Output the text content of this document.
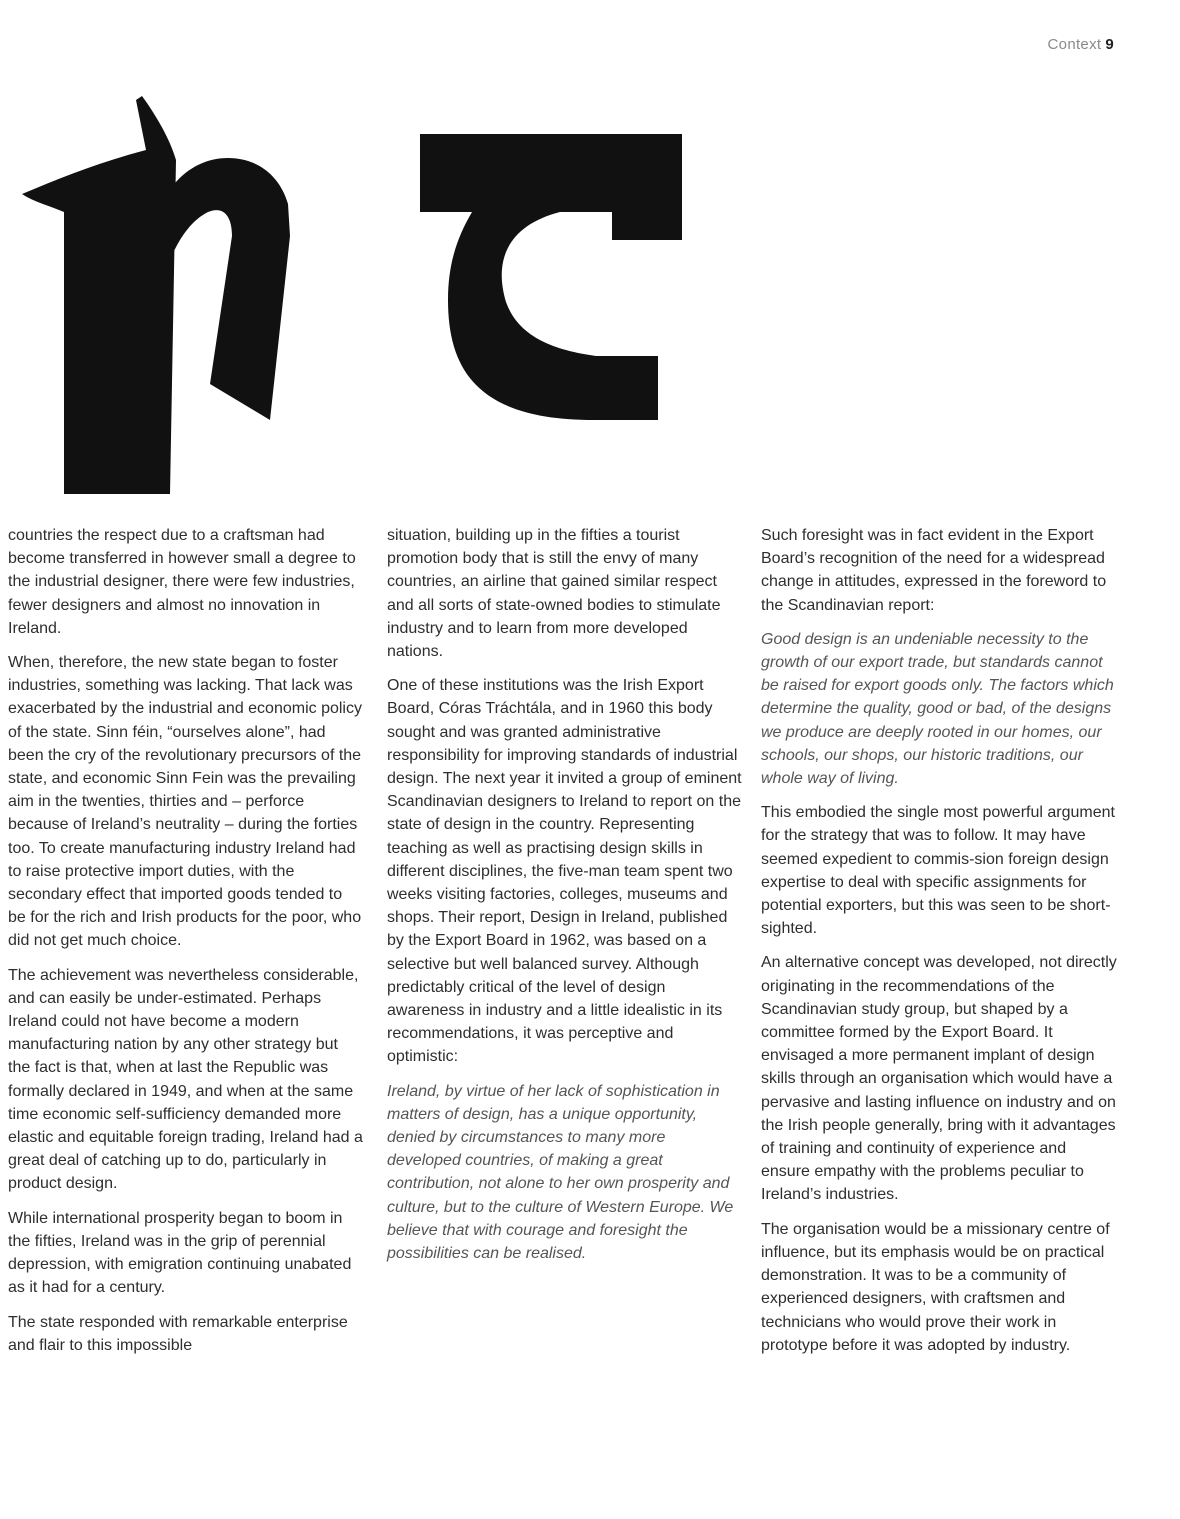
Context 9

countries the respect due to a craftsman had become transferred in however small a degree to the industrial designer, there were few industries, fewer designers and almost no innovation in Ireland.

When, therefore, the new state began to foster industries, something was lacking. That lack was exacerbated by the industrial and economic policy of the state. Sinn féin, “ourselves alone”, had been the cry of the revolutionary precursors of the state, and economic Sinn Fein was the prevailing aim in the twenties, thirties and – perforce because of Ireland’s neutrality – during the forties too. To create manufacturing industry Ireland had to raise protective import duties, with the secondary effect that imported goods tended to be for the rich and Irish products for the poor, who did not get much choice.

The achievement was nevertheless considerable, and can easily be under-estimated. Perhaps Ireland could not have become a modern manufacturing nation by any other strategy but the fact is that, when at last the Republic was formally declared in 1949, and when at the same time economic self-sufficiency demanded more elastic and equitable foreign trading, Ireland had a great deal of catching up to do, particularly in product design.

While international prosperity began to boom in the fifties, Ireland was in the grip of perennial depression, with emigration continuing unabated as it had for a century.

The state responded with remarkable enterprise and flair to this impossible

situation, building up in the fifties a tourist promotion body that is still the envy of many countries, an airline that gained similar respect and all sorts of state-owned bodies to stimulate industry and to learn from more developed nations.

One of these institutions was the Irish Export Board, Córas Tráchtála, and in 1960 this body sought and was granted administrative responsibility for improving standards of industrial design. The next year it invited a group of eminent Scandinavian designers to Ireland to report on the state of design in the country. Representing teaching as well as practising design skills in different disciplines, the five-man team spent two weeks visiting factories, colleges, museums and shops. Their report, Design in Ireland, published by the Export Board in 1962, was based on a selective but well balanced survey. Although predictably critical of the level of design awareness in industry and a little idealistic in its recommendations, it was perceptive and optimistic:

Ireland, by virtue of her lack of sophistication in matters of design, has a unique opportunity, denied by circumstances to many more developed countries, of making a great contribution, not alone to her own prosperity and culture, but to the culture of Western Europe. We believe that with courage and foresight the possibilities can be realised.

Such foresight was in fact evident in the Export Board’s recognition of the need for a widespread change in attitudes, expressed in the foreword to the Scandinavian report:

Good design is an undeniable necessity to the growth of our export trade, but standards cannot be raised for export goods only. The factors which determine the quality, good or bad, of the designs we produce are deeply rooted in our homes, our schools, our shops, our historic traditions, our whole way of living.

This embodied the single most powerful argument for the strategy that was to follow. It may have seemed expedient to commis-sion foreign design expertise to deal with specific assignments for potential exporters, but this was seen to be short-sighted.

An alternative concept was developed, not directly originating in the recommendations of the Scandinavian study group, but shaped by a committee formed by the Export Board. It envisaged a more permanent implant of design skills through an organisation which would have a pervasive and lasting influence on industry and on the Irish people generally, bring with it advantages of training and continuity of experience and ensure empathy with the problems peculiar to Ireland’s industries.

The organisation would be a missionary centre of influence, but its emphasis would be on practical demonstration. It was to be a community of experienced designers, with craftsmen and technicians who would prove their work in prototype before it was adopted by industry.
